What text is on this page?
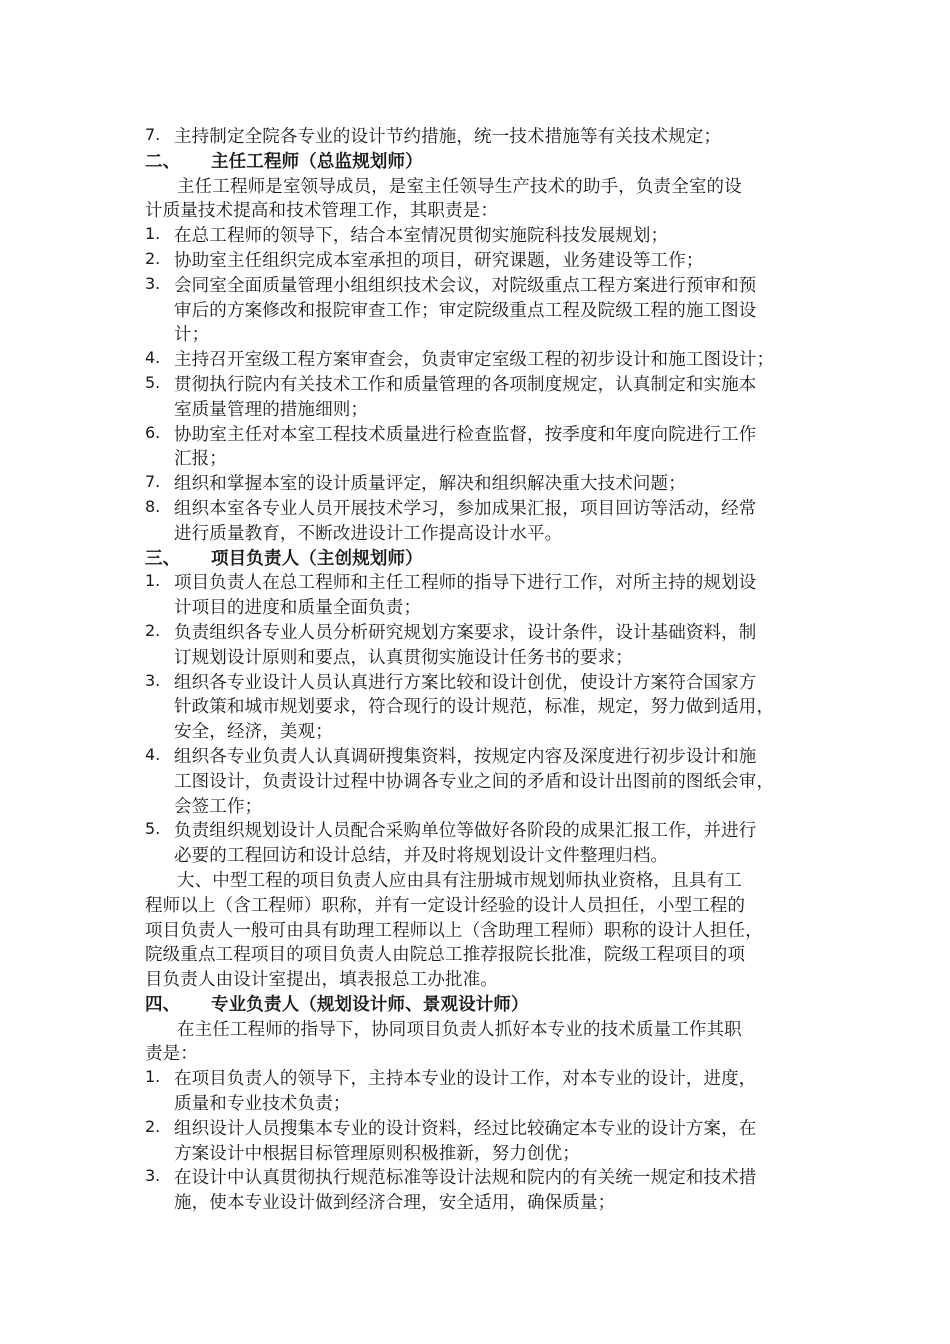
7. 主持制定全院各专业的设计节约措施，统一技术措施等有关技术规定；
二、	主任工程师（总监规划师）
主任工程师是室领导成员，是室主任领导生产技术的助手，负责全室的设
计质量技术提高和技术管理工作，其职责是：
1. 在总工程师的领导下，结合本室情况贯彻实施院科技发展规划；
2. 协助室主任组织完成本室承担的项目，研究课题，业务建设等工作；
3. 会同室全面质量管理小组组织技术会议，对院级重点工程方案进行预审和预
审后的方案修改和报院审查工作；审定院级重点工程及院级工程的施工图设
计；
4. 主持召开室级工程方案审查会，负责审定室级工程的初步设计和施工图设计；
5. 贯彻执行院内有关技术工作和质量管理的各项制度规定，认真制定和实施本
室质量管理的措施细则；
6. 协助室主任对本室工程技术质量进行检查监督，按季度和年度向院进行工作
汇报；
7. 组织和掌握本室的设计质量评定，解决和组织解决重大技术问题；
8. 组织本室各专业人员开展技术学习，参加成果汇报，项目回访等活动，经常
进行质量教育，不断改进设计工作提高设计水平。
三、	项目负责人（主创规划师）
1. 项目负责人在总工程师和主任工程师的指导下进行工作，对所主持的规划设
计项目的进度和质量全面负责；
2. 负责组织各专业人员分析研究规划方案要求，设计条件，设计基础资料，制
订规划设计原则和要点，认真贯彻实施设计任务书的要求；
3. 组织各专业设计人员认真进行方案比较和设计创优，使设计方案符合国家方
针政策和城市规划要求，符合现行的设计规范，标准，规定，努力做到适用，
安全，经济，美观；
4. 组织各专业负责人认真调研搜集资料，按规定内容及深度进行初步设计和施
工图设计，负责设计过程中协调各专业之间的矛盾和设计出图前的图纸会审，
会签工作；
5. 负责组织规划设计人员配合采购单位等做好各阶段的成果汇报工作，并进行
必要的工程回访和设计总结，并及时将规划设计文件整理归档。
大、中型工程的项目负责人应由具有注册城市规划师执业资格，且具有工
程师以上（含工程师）职称，并有一定设计经验的设计人员担任，小型工程的
项目负责人一般可由具有助理工程师以上（含助理工程师）职称的设计人担任，
院级重点工程项目的项目负责人由院总工推荐报院长批准，院级工程项目的项
目负责人由设计室提出，填表报总工办批准。
四、	专业负责人（规划设计师、景观设计师）
在主任工程师的指导下，协同项目负责人抓好本专业的技术质量工作其职
责是：
1. 在项目负责人的领导下，主持本专业的设计工作，对本专业的设计，进度，
质量和专业技术负责；
2. 组织设计人员搜集本专业的设计资料，经过比较确定本专业的设计方案，在
方案设计中根据目标管理原则积极推新，努力创优；
3. 在设计中认真贯彻执行规范标准等设计法规和院内的有关统一规定和技术措
施，使本专业设计做到经济合理，安全适用，确保质量；
